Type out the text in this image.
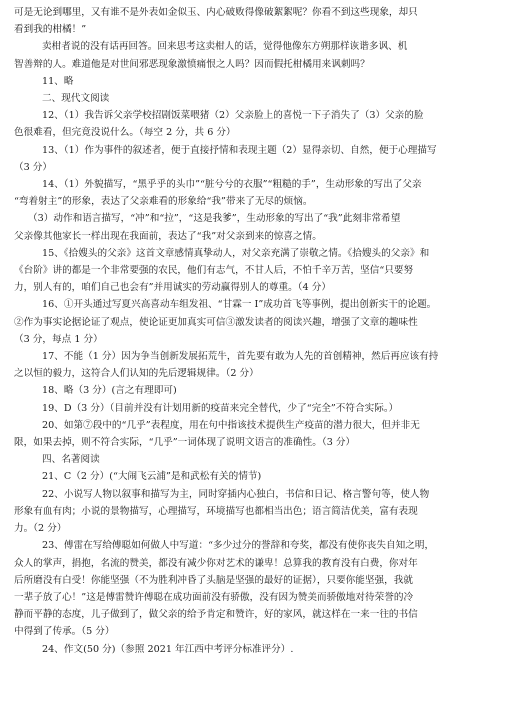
可是无论到哪里，又有谁不是外表如金似玉、内心破败得像破絮絮呢？你看不到这些现象，却只
看到我的柑橘！”
卖柑者说的没有话再回答。回来思考这卖柑人的话，觉得他像东方朔那样诙谐多讽、机
智善辩的人。难道他是对世间邪恶现象激愤痛恨之人吗？因而假托柑橘用来讽刺吗？
11、略
二、现代文阅读
12、（1）我告诉父亲学校招剧饭菜喂猪（2）父亲脸上的喜悦一下子消失了（3）父亲的脸
色很难看，但完竟没说什么。（每空 2 分，共 6 分）
13、（1）作为事件的叙述者，便于直接抒情和表现主题（2）显得亲切、自然，便于心理描写
（3 分）
14、（1）外貌描写，“黑乎乎的头巾”“脏兮兮的衣服”“粗糙的手”，生动形象的写出了父亲
“弯着射主”的形象，表达了父亲难看的形象给“我”带来了无尽的烦恼。
（3）动作和语言描写，“冲”和“拉”，“这是我爹”，生动形象的写出了“我”此刻非常希望
父亲像其他家长一样出现在我面前，表达了“我”对父亲到来的惊喜之情。
15、《拾嫂头的父亲》这首文章感情真挚动人，对父亲充满了崇敬之情。《拾嫂头的父亲》和
《台阶》讲的都是一个非常要强的农民，他们有志气，不甘人后，不怕千辛万苦，坚信“只要努
力，别人有的，咱们自己也会有”并用诚实的劳动赢得别人的尊重。（4 分）
16、①开头通过写夏兴高喜动车组发祖、“甘霖一 I”成功首飞等事例，提出创新实干的论题。
②作为事实论据论证了观点，使论证更加真实可信③激发读者的阅读兴趣，增强了文章的趣味性
（3 分，每点 1 分）
17、不能（1 分）因为争当创新发展拓荒牛，首先要有敢为人先的首创精神，然后再应该有持
之以恒的毅力，这符合人们认知的先后逻辑规律。（2 分）
18、略（3 分）(言之有理即可)
19、D（3 分）（目前并没有计划用新的疫苗来完全替代，少了“完全”不符合实际。）
20、如第⑦段中的“几乎”表程度，用在句中指该技术提供生产疫苗的潜力很大，但并非无
限，如果去掉，则不符合实际，“几乎”一词体现了说明文语言的准确性。（3 分）
四、名著阅读
21、C（2 分）(“大闹飞云浦”是和武松有关的情节)
22、小说写人物以叙事和描写为主，同时穿插内心独白，书信和日记、格言警句等，使人物
形象有血有肉；小说的景物描写，心理描写，环境描写也都相当出色；语言简洁优美，富有表现
力。（2 分）
23、傅雷在写给傅聪如何做人中写道：“多少过分的誉辞和夸奖，都没有使你丧失自知之明，
众人的掌声，捐抱，名流的赞美，都没有减少你对艺术的谦卑！总算我的教育没有白费，你对年
后所磨没有白受！你能坚强（不为胜利冲昏了头脑是坚强的最好的证据），只要你能坚强，我就
一辈子放了心！”这是傅雷赞许傅聪在成功面前没有骄傲，没有因为赞美而骄傲地对待荣誉的冷
静而平静的态度，儿子做到了，做父亲的给予肯定和赞许，好的家风，就这样在一来一往的书信
中得到了传承。（5 分）
24、作文(50 分)（参照 2021 年江西中考评分标准评分）.
